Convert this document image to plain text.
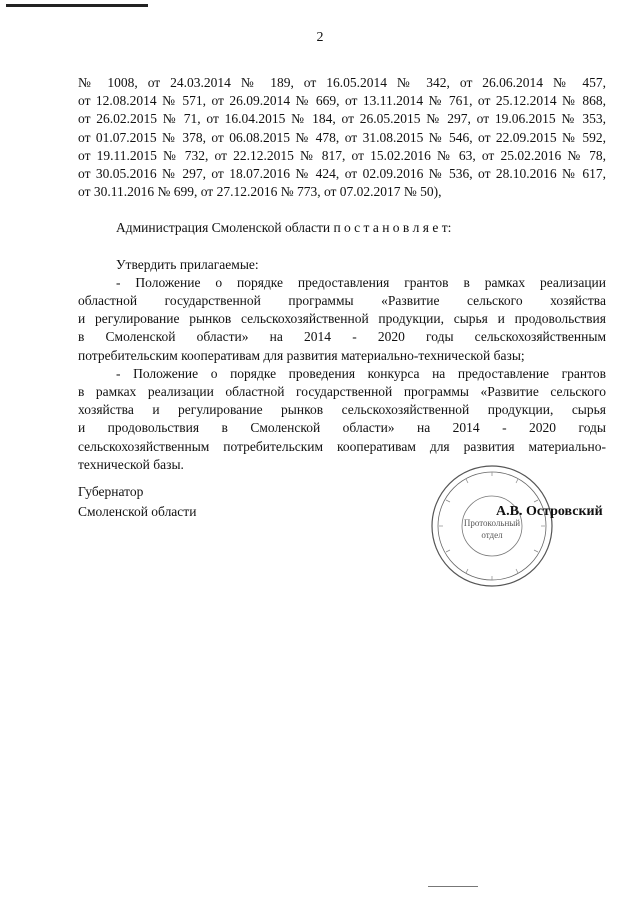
2

№ 1008, от 24.03.2014 № 189, от 16.05.2014 № 342, от 26.06.2014 № 457,

от 12.08.2014 № 571, от 26.09.2014 № 669, от 13.11.2014 № 761, от 25.12.2014 № 868,

от 26.02.2015 № 71, от 16.04.2015 № 184, от 26.05.2015 № 297, от 19.06.2015 № 353,

от 01.07.2015 № 378, от 06.08.2015 № 478, от 31.08.2015 № 546, от 22.09.2015 № 592,

от 19.11.2015 № 732, от 22.12.2015 № 817, от 15.02.2016 № 63, от 25.02.2016 № 78,

от 30.05.2016 № 297, от 18.07.2016 № 424, от 02.09.2016 № 536, от 28.10.2016 № 617,

от 30.11.2016 № 699, от 27.12.2016 № 773, от 07.02.2017 № 50),

Администрация Смоленской области п о с т а н о в л я е т:

Утвердить прилагаемые:

- Положение о порядке предоставления грантов в рамках реализации

областной государственной программы «Развитие сельского хозяйства

и регулирование рынков сельскохозяйственной продукции, сырья и продовольствия

в Смоленской области» на 2014 - 2020 годы сельскохозяйственным

потребительским кооперативам для развития материально-технической базы;

- Положение о порядке проведения конкурса на предоставление грантов

в рамках реализации областной государственной программы «Развитие сельского

хозяйства и регулирование рынков сельскохозяйственной продукции, сырья

и продовольствия в Смоленской области» на 2014 - 2020 годы

сельскохозяйственным потребительским кооперативам для развития материально-

технической базы.

Губернатор
Смоленской области
Протокольный
отдел
А.В. Островский
